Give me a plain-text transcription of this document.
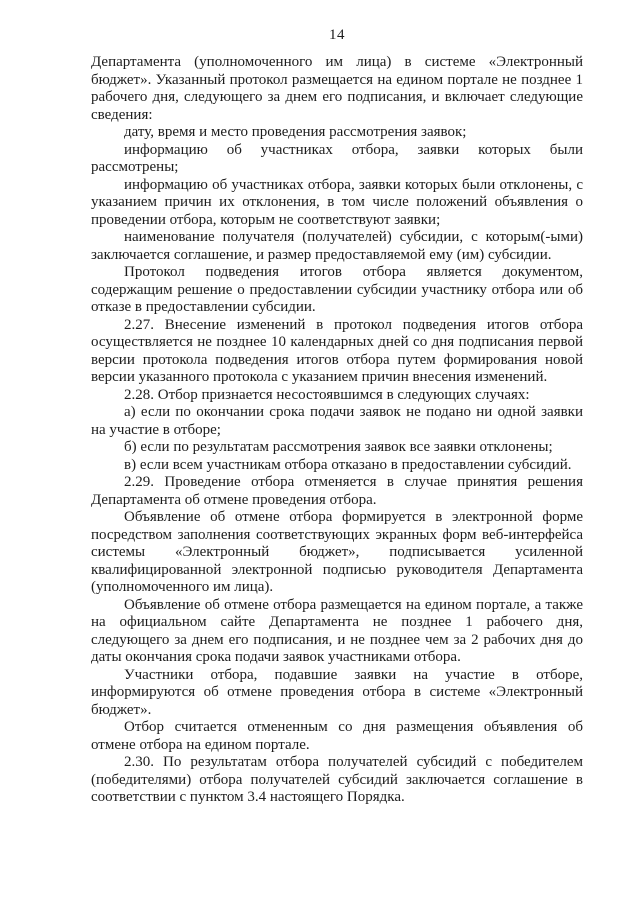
14

Департамента (уполномоченного им лица) в системе «Электронный бюджет». Указанный протокол размещается на едином портале не позднее 1 рабочего дня, следующего за днем его подписания, и включает следующие сведения:

дату, время и место проведения рассмотрения заявок;

информацию об участниках отбора, заявки которых были рассмотрены;

информацию об участниках отбора, заявки которых были отклонены, с указанием причин их отклонения, в том числе положений объявления о проведении отбора, которым не соответствуют заявки;

наименование получателя (получателей) субсидии, с которым(-ыми) заключается соглашение, и размер предоставляемой ему (им) субсидии.

Протокол подведения итогов отбора является документом, содержащим решение о предоставлении субсидии участнику отбора или об отказе в предоставлении субсидии.

2.27. Внесение изменений в протокол подведения итогов отбора осуществляется не позднее 10 календарных дней со дня подписания первой версии протокола подведения итогов отбора путем формирования новой версии указанного протокола с указанием причин внесения изменений.

2.28. Отбор признается несостоявшимся в следующих случаях:

а) если по окончании срока подачи заявок не подано ни одной заявки на участие в отборе;

б) если по результатам рассмотрения заявок все заявки отклонены;

в) если всем участникам отбора отказано в предоставлении субсидий.

2.29. Проведение отбора отменяется в случае принятия решения Департамента об отмене проведения отбора.

Объявление об отмене отбора формируется в электронной форме посредством заполнения соответствующих экранных форм веб-интерфейса системы «Электронный бюджет», подписывается усиленной квалифицированной электронной подписью руководителя Департамента (уполномоченного им лица).

Объявление об отмене отбора размещается на едином портале, а также на официальном сайте Департамента не позднее 1 рабочего дня, следующего за днем его подписания, и не позднее чем за 2 рабочих дня до даты окончания срока подачи заявок участниками отбора.

Участники отбора, подавшие заявки на участие в отборе, информируются об отмене проведения отбора в системе «Электронный бюджет».

Отбор считается отмененным со дня размещения объявления об отмене отбора на едином портале.

2.30. По результатам отбора получателей субсидий с победителем (победителями) отбора получателей субсидий заключается соглашение в соответствии с пунктом 3.4 настоящего Порядка.
